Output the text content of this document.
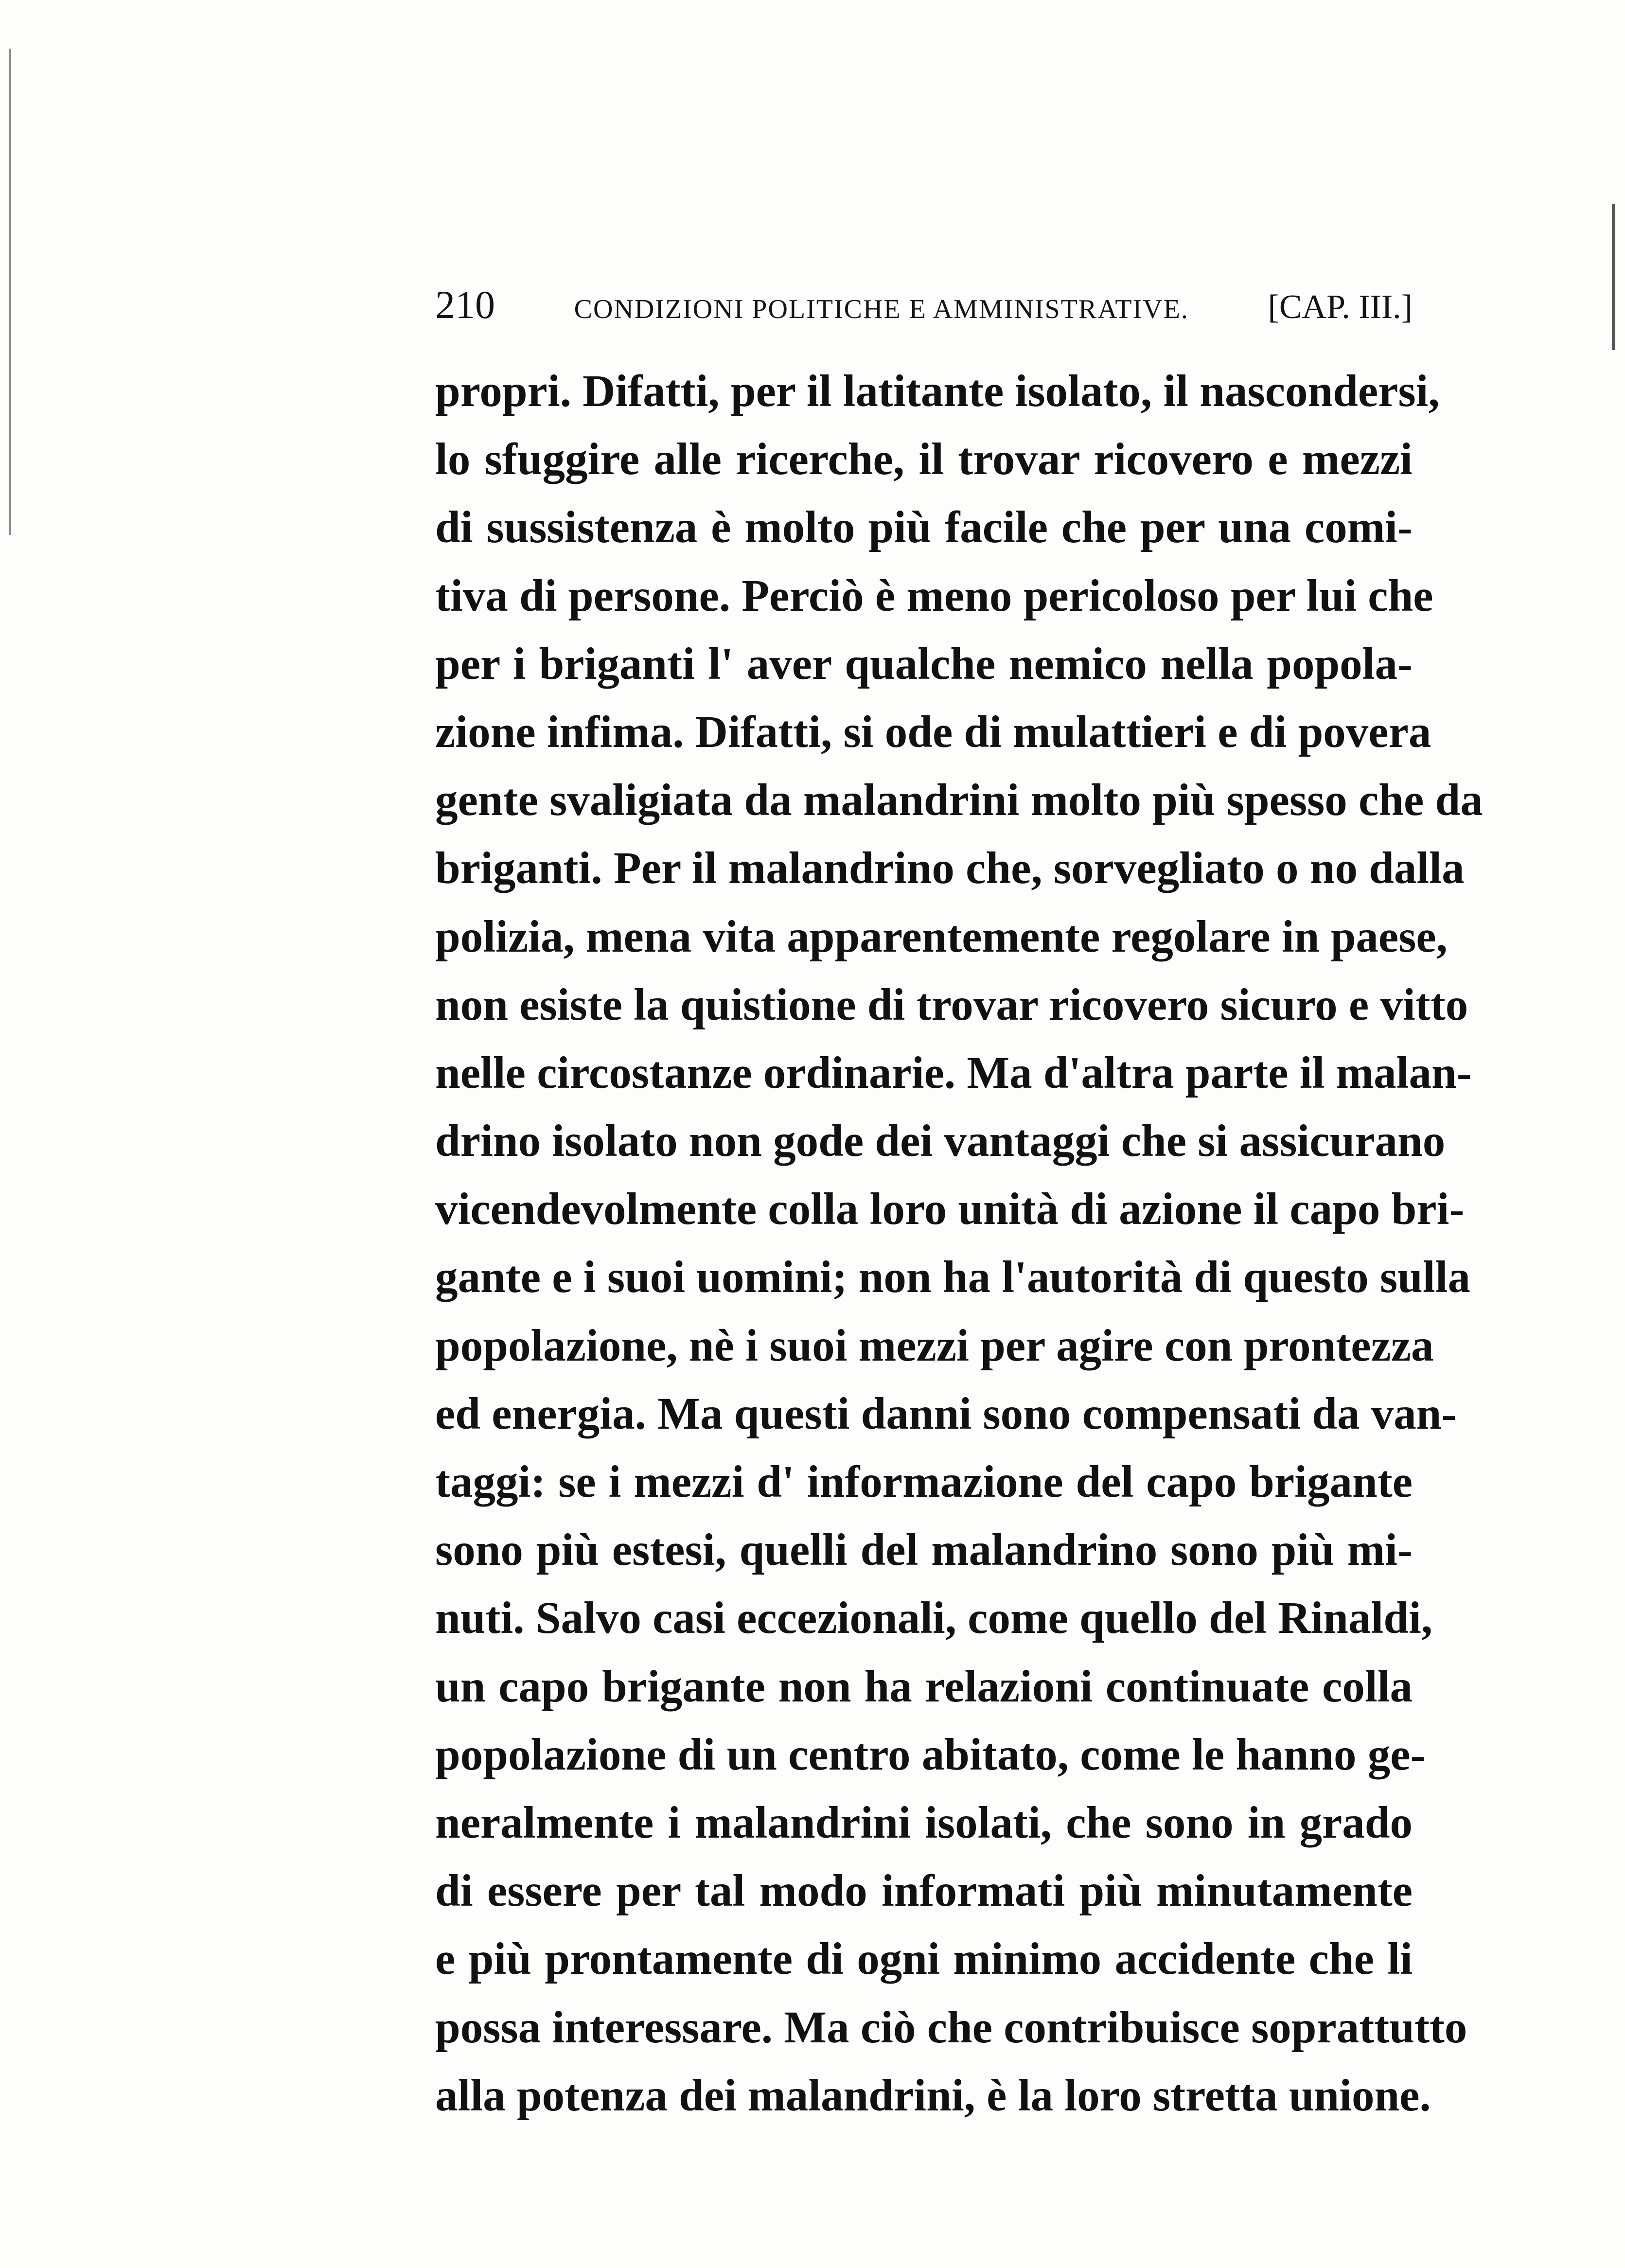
210	CONDIZIONI POLITICHE E AMMINISTRATIVE. [CAP. III.]
propri. Difatti, per il latitante isolato, il nascondersi,
lo sfuggire alle ricerche, il trovar ricovero e mezzi
di sussistenza è molto più facile che per una comi-
tiva di persone. Perciò è meno pericoloso per lui che
per i briganti l' aver qualche nemico nella popola-
zione infima. Difatti, si ode di mulattieri e di povera
gente svaligiata da malandrini molto più spesso che da
briganti. Per il malandrino che, sorvegliato o no dalla
polizia, mena vita apparentemente regolare in paese,
non esiste la quistione di trovar ricovero sicuro e vitto
nelle circostanze ordinarie. Ma d'altra parte il malan-
drino isolato non gode dei vantaggi che si assicurano
vicendevolmente colla loro unità di azione il capo bri-
gante e i suoi uomini; non ha l'autorità di questo sulla
popolazione, nè i suoi mezzi per agire con prontezza
ed energia. Ma questi danni sono compensati da van-
taggi: se i mezzi d' informazione del capo brigante
sono più estesi, quelli del malandrino sono più mi-
nuti. Salvo casi eccezionali, come quello del Rinaldi,
un capo brigante non ha relazioni continuate colla
popolazione di un centro abitato, come le hanno ge-
neralmente i malandrini isolati, che sono in grado
di essere per tal modo informati più minutamente
e più prontamente di ogni minimo accidente che li
possa interessare. Ma ciò che contribuisce soprattutto
alla potenza dei malandrini, è la loro stretta unione.
